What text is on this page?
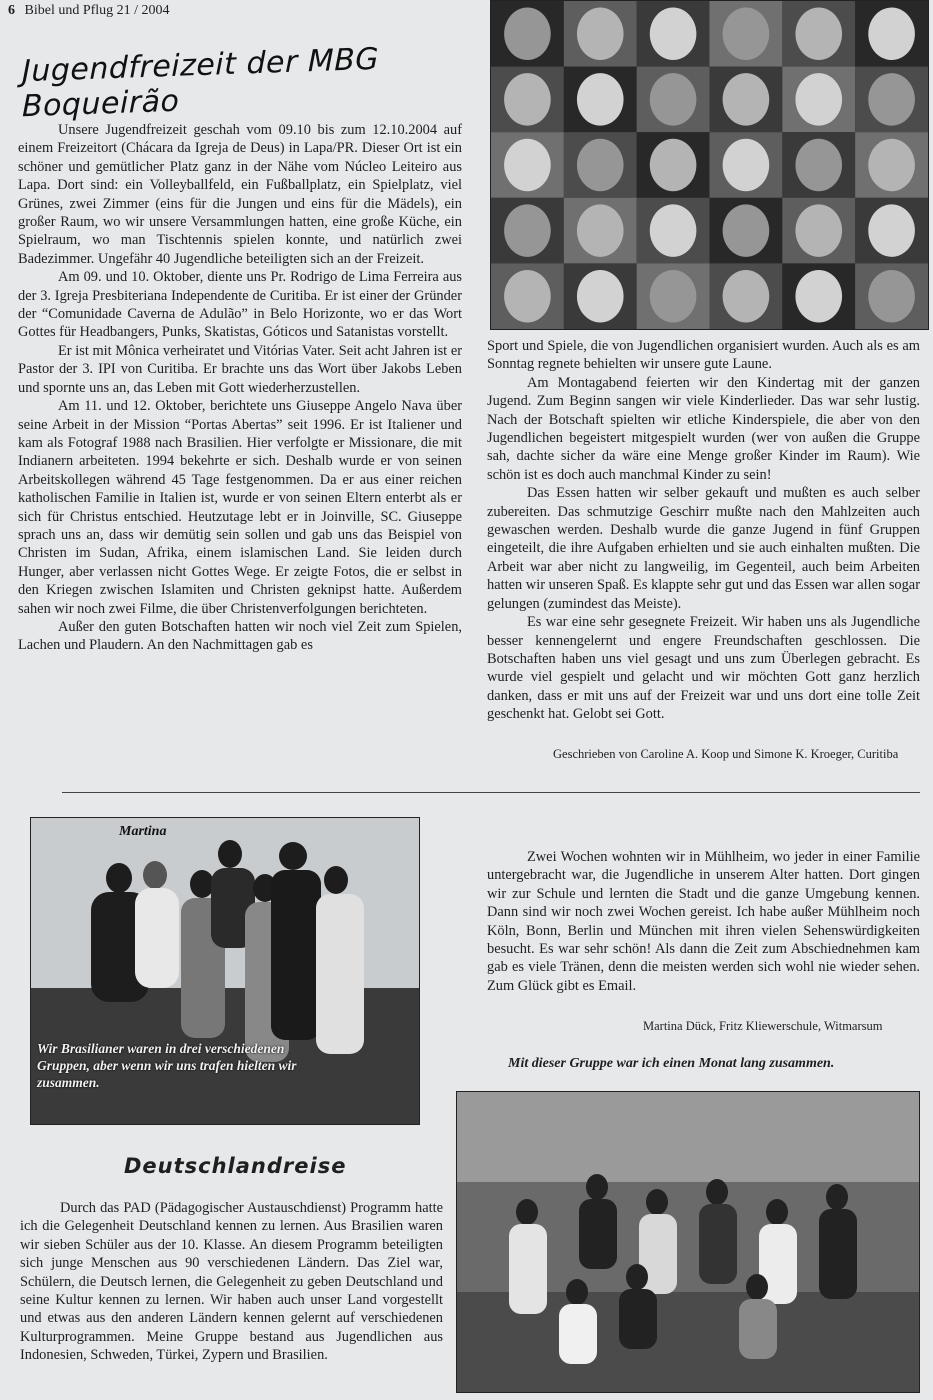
6 Bibel und Pflug 21 / 2004
Jugendfreizeit der MBG Boqueirão

Unsere Jugendfreizeit geschah vom 09.10 bis zum 12.10.2004 auf einem Freizeitort (Chácara da Igreja de Deus) in Lapa/PR. Dieser Ort ist ein schöner und gemütlicher Platz ganz in der Nähe vom Núcleo Leiteiro aus Lapa. Dort sind: ein Volleyballfeld, ein Fußballplatz, ein Spielplatz, viel Grünes, zwei Zimmer (eins für die Jungen und eins für die Mädels), ein großer Raum, wo wir unsere Versammlungen hatten, eine große Küche, ein Spielraum, wo man Tischtennis spielen konnte, und natürlich zwei Badezimmer. Ungefähr 40 Jugendliche beteiligten sich an der Freizeit.

Am 09. und 10. Oktober, diente uns Pr. Rodrigo de Lima Ferreira aus der 3. Igreja Presbiteriana Independente de Curitiba. Er ist einer der Gründer der “Comunidade Caverna de Adulão” in Belo Horizonte, wo er das Wort Gottes für Headbangers, Punks, Skatistas, Góticos und Satanistas vorstellt.

Er ist mit Mônica verheiratet und Vitórias Vater. Seit acht Jahren ist er Pastor der 3. IPI von Curitiba. Er brachte uns das Wort über Jakobs Leben und spornte uns an, das Leben mit Gott wiederherzustellen.

Am 11. und 12. Oktober, berichtete uns Giuseppe Angelo Nava über seine Arbeit in der Mission “Portas Abertas” seit 1996. Er ist Italiener und kam als Fotograf 1988 nach Brasilien. Hier verfolgte er Missionare, die mit Indianern arbeiteten. 1994 bekehrte er sich. Deshalb wurde er von seinen Arbeitskollegen während 45 Tage festgenommen. Da er aus einer reichen katholischen Familie in Italien ist, wurde er von seinen Eltern enterbt als er sich für Christus entschied. Heutzutage lebt er in Joinville, SC. Giuseppe sprach uns an, dass wir demütig sein sollen und gab uns das Beispiel von Christen im Sudan, Afrika, einem islamischen Land. Sie leiden durch Hunger, aber verlassen nicht Gottes Wege. Er zeigte Fotos, die er selbst in den Kriegen zwischen Islamiten und Christen geknipst hatte. Außerdem sahen wir noch zwei Filme, die über Christenverfolgungen berichteten.

Außer den guten Botschaften hatten wir noch viel Zeit zum Spielen, Lachen und Plaudern. An den Nachmittagen gab es

Sport und Spiele, die von Jugendlichen organisiert wurden. Auch als es am Sonntag regnete behielten wir unsere gute Laune.

Am Montagabend feierten wir den Kindertag mit der ganzen Jugend. Zum Beginn sangen wir viele Kinderlieder. Das war sehr lustig. Nach der Botschaft spielten wir etliche Kinderspiele, die aber von den Jugendlichen begeistert mitgespielt wurden (wer von außen die Gruppe sah, dachte sicher da wäre eine Menge großer Kinder im Raum). Wie schön ist es doch auch manchmal Kinder zu sein!

Das Essen hatten wir selber gekauft und mußten es auch selber zubereiten. Das schmutzige Geschirr mußte nach den Mahlzeiten auch gewaschen werden. Deshalb wurde die ganze Jugend in fünf Gruppen eingeteilt, die ihre Aufgaben erhielten und sie auch einhalten mußten. Die Arbeit war aber nicht zu langweilig, im Gegenteil, auch beim Arbeiten hatten wir unseren Spaß. Es klappte sehr gut und das Essen war allen sogar gelungen (zumindest das Meiste).

Es war eine sehr gesegnete Freizeit. Wir haben uns als Jugendliche besser kennengelernt und engere Freundschaften geschlossen. Die Botschaften haben uns viel gesagt und uns zum Überlegen gebracht. Es wurde viel gespielt und gelacht und wir möchten Gott ganz herzlich danken, dass er mit uns auf der Freizeit war und uns dort eine tolle Zeit geschenkt hat. Gelobt sei Gott.

Geschrieben von Caroline A. Koop und Simone K. Kroeger, Curitiba
Martina
Wir Brasilianer waren in drei verschiedenen Gruppen, aber wenn wir uns trafen hielten wir zusammen.

Zwei Wochen wohnten wir in Mühlheim, wo jeder in einer Familie untergebracht war, die Jugendliche in unserem Alter hatten. Dort gingen wir zur Schule und lernten die Stadt und die ganze Umgebung kennen. Dann sind wir noch zwei Wochen gereist. Ich habe außer Mühlheim noch Köln, Bonn, Berlin und München mit ihren vielen Sehenswürdigkeiten besucht. Es war sehr schön! Als dann die Zeit zum Abschiednehmen kam gab es viele Tränen, denn die meisten werden sich wohl nie wieder sehen. Zum Glück gibt es Email.

Martina Dück, Fritz Kliewerschule, Witmarsum
Mit dieser Gruppe war ich einen Monat lang zusammen.
Deutschlandreise

Durch das PAD (Pädagogischer Austauschdienst) Programm hatte ich die Gelegenheit Deutschland kennen zu lernen. Aus Brasilien waren wir sieben Schüler aus der 10. Klasse. An diesem Programm beteiligten sich junge Menschen aus 90 verschiedenen Ländern. Das Ziel war, Schülern, die Deutsch lernen, die Gelegenheit zu geben Deutschland und seine Kultur kennen zu lernen. Wir haben auch unser Land vorgestellt und etwas aus den anderen Ländern kennen gelernt auf verschiedenen Kulturprogrammen. Meine Gruppe bestand aus Jugendlichen aus Indonesien, Schweden, Türkei, Zypern und Brasilien.
